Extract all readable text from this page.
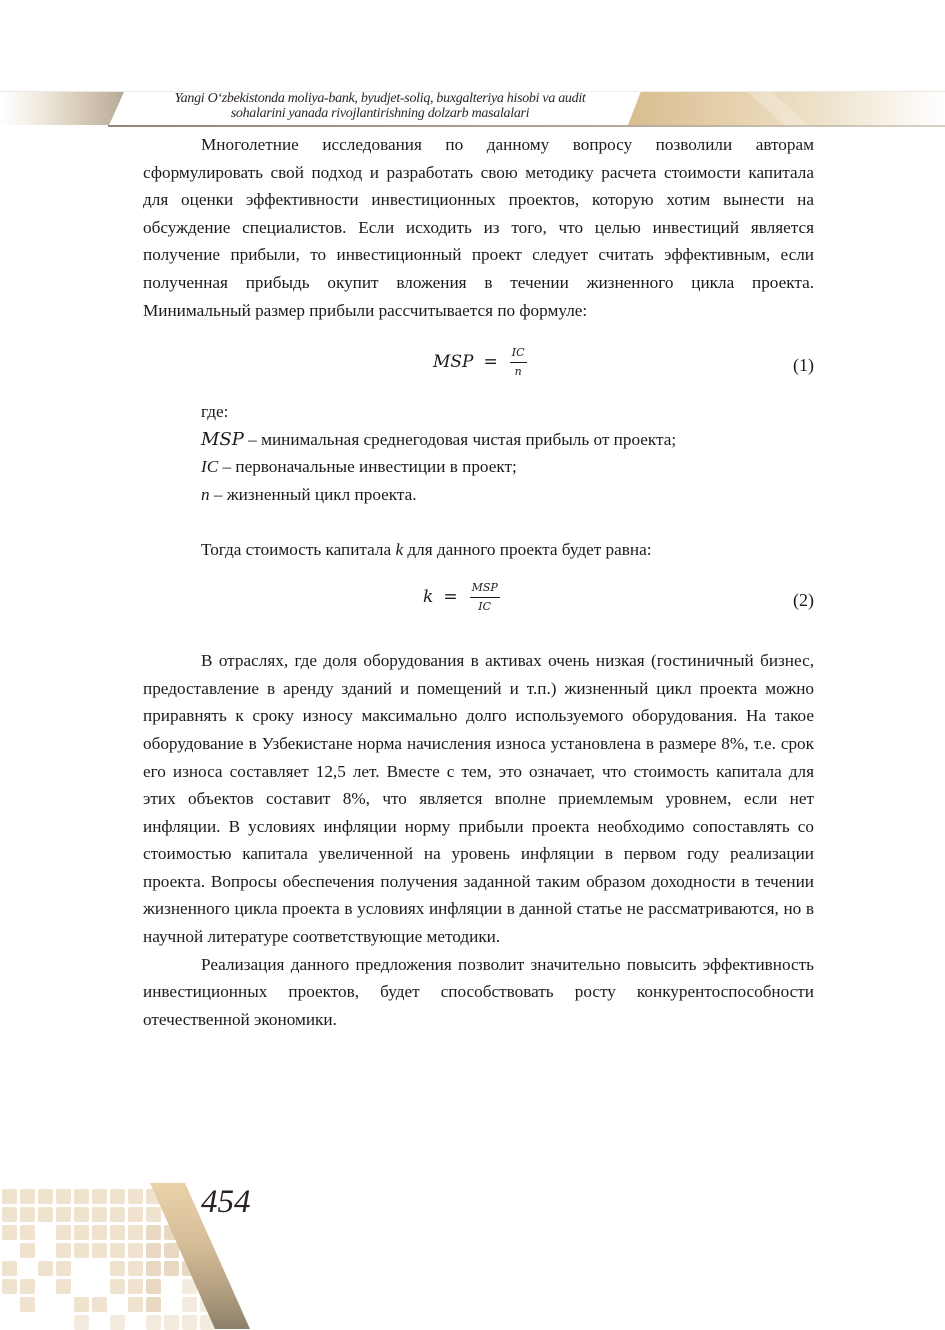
Yangi O‘zbekistonda moliya-bank, byudjet-soliq, buxgalteriya hisobi va audit
sohalarini yanada rivojlantirishning dolzarb masalalari

Многолетние исследования по данному вопросу позволили авторам сформулировать свой подход и разработать свою методику расчета стоимости капитала для оценки эффективности инвестиционных проектов, которую хотим вынести на обсуждение специалистов. Если исходить из того, что целью инвестиций является получение прибыли, то инвестиционный проект следует считать эффективным, если полученная прибыдь окупит вложения в течении жизненного цикла проекта. Минимальный размер прибыли рассчитывается по формуле:

MSP = $\frac{IC}{n}$	(1)

где:

MSP – минимальная среднегодовая чистая прибыль от проекта;

IC – первоначальные инвестиции в проект;

n – жизненный цикл проекта.

Тогда стоимость капитала k для данного проекта будет равна:

$k = \frac{\text{MSP}}{IC}$	(2)

В отраслях, где доля оборудования в активах очень низкая (гостиничный бизнес, предоставление в аренду зданий и помещений и т.п.) жизненный цикл проекта можно приравнять к сроку износу максимально долго используемого оборудования. На такое оборудование в Узбекистане норма начисления износа установлена в размере 8%, т.е. срок его износа составляет 12,5 лет. Вместе с тем, это означает, что стоимость капитала для этих объектов составит 8%, что является вполне приемлемым уровнем, если нет инфляции. В условиях инфляции норму прибыли проекта необходимо сопоставлять со стоимостью капитала увеличенной на уровень инфляции в первом году реализации проекта. Вопросы обеспечения получения заданной таким образом доходности в течении жизненного цикла проекта в условиях инфляции в данной статье не рассматриваются, но в научной литературе соответствующие методики.

Реализация данного предложения позволит значительно повысить эффективность инвестиционных проектов, будет способствовать росту конкурентоспособности отечественной экономики.

454
